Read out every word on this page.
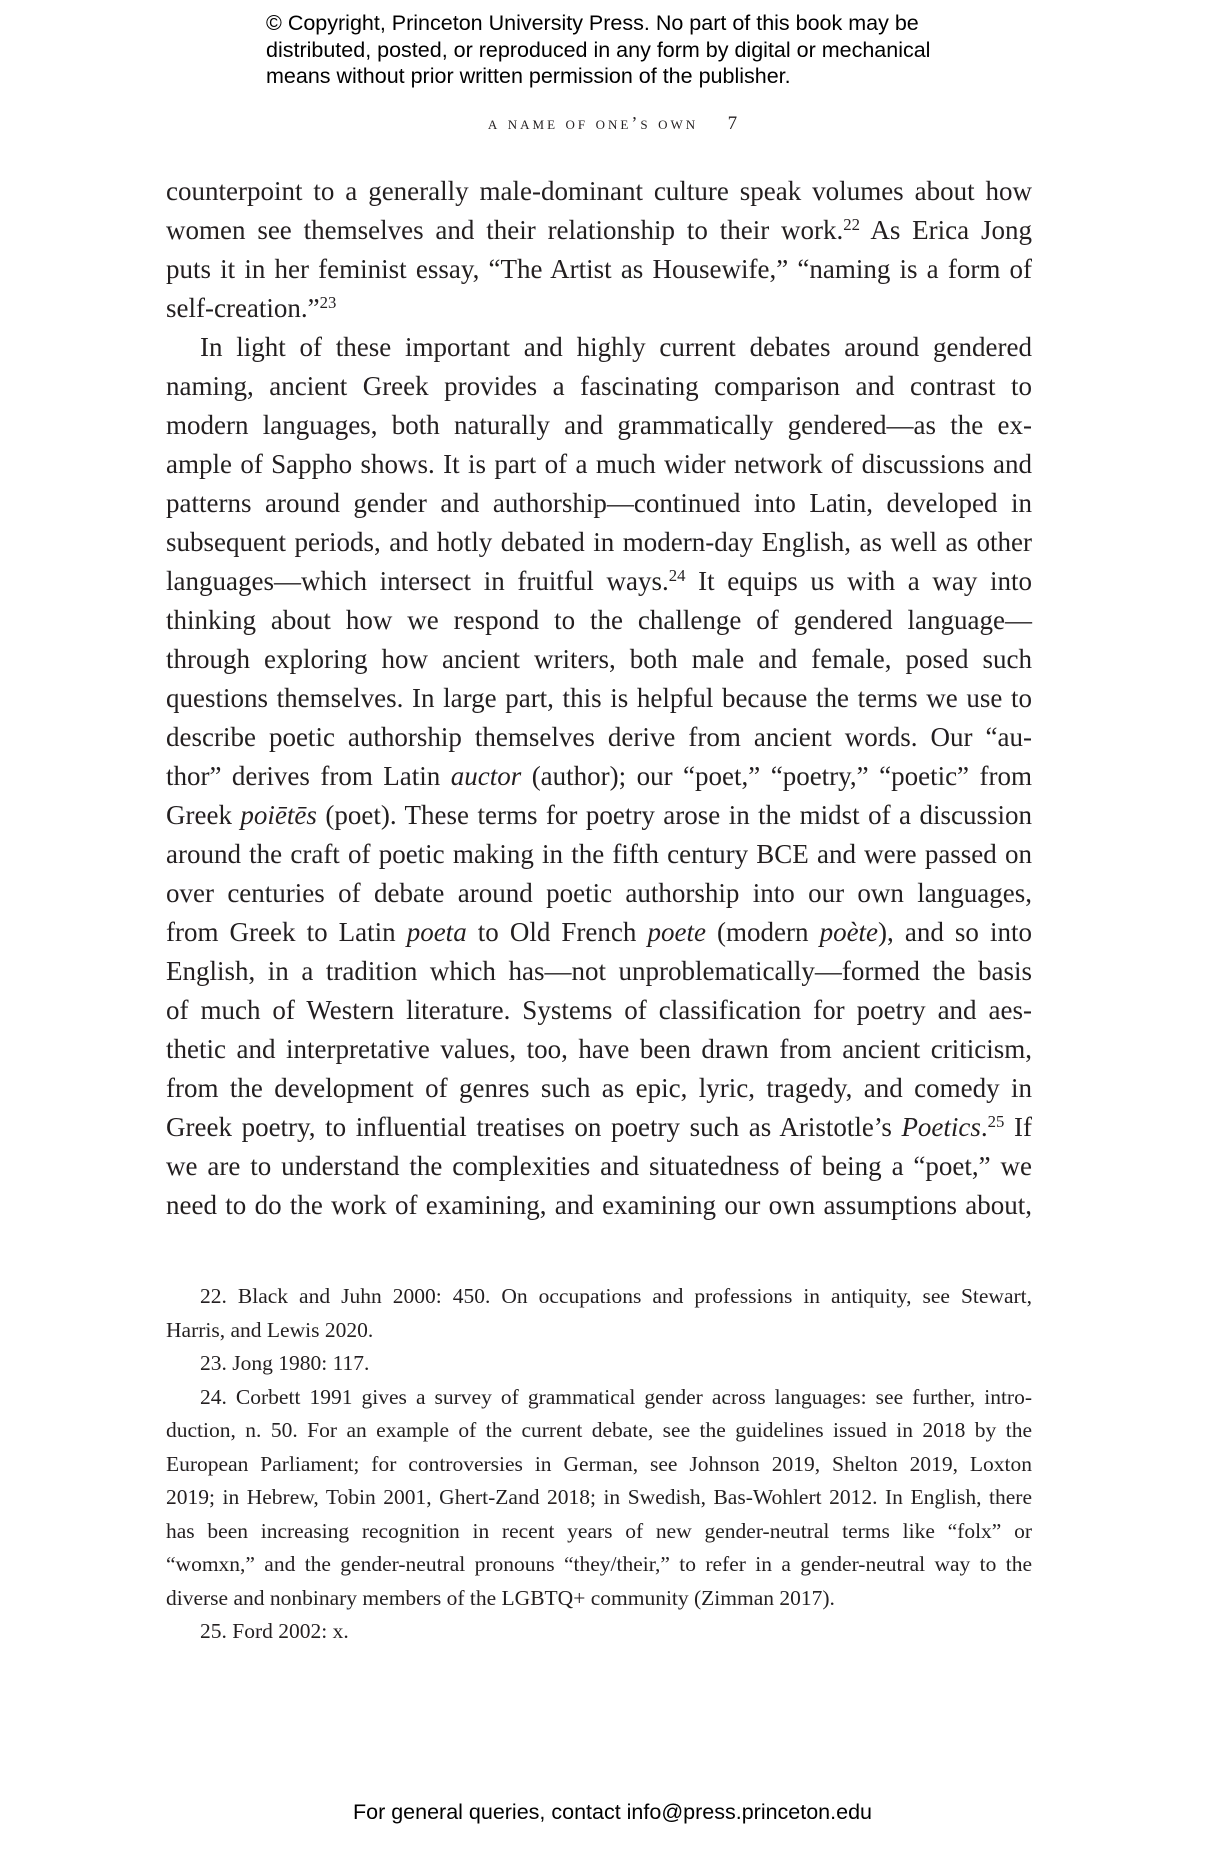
© Copyright, Princeton University Press. No part of this book may be
distributed, posted, or reproduced in any form by digital or mechanical
means without prior written permission of the publisher.
a name of one’s own 7
counterpoint to a generally male-dominant culture speak volumes about how
women see themselves and their relationship to their work.$^{22}$ As Erica Jong
puts it in her feminist essay, “The Artist as Housewife,” “naming is a form of
self-creation.”$^{23}$
In light of these important and highly current debates around gendered
naming, ancient Greek provides a fascinating comparison and contrast to
modern languages, both naturally and grammatically gendered—as the ex-
ample of Sappho shows. It is part of a much wider network of discussions and
patterns around gender and authorship—continued into Latin, developed in
subsequent periods, and hotly debated in modern-day English, as well as other
languages—which intersect in fruitful ways.$^{24}$ It equips us with a way into
thinking about how we respond to the challenge of gendered language—
through exploring how ancient writers, both male and female, posed such
questions themselves. In large part, this is helpful because the terms we use to
describe poetic authorship themselves derive from ancient words. Our “au-
thor” derives from Latin auctor (author); our “poet,” “poetry,” “poetic” from
Greek poiētēs (poet). These terms for poetry arose in the midst of a discussion
around the craft of poetic making in the fifth century BCE and were passed on
over centuries of debate around poetic authorship into our own languages,
from Greek to Latin poeta to Old French poete (modern poète), and so into
English, in a tradition which has—not unproblematically—formed the basis
of much of Western literature. Systems of classification for poetry and aes-
thetic and interpretative values, too, have been drawn from ancient criticism,
from the development of genres such as epic, lyric, tragedy, and comedy in
Greek poetry, to influential treatises on poetry such as Aristotle’s Poetics.$^{25}$ If
we are to understand the complexities and situatedness of being a “poet,” we
need to do the work of examining, and examining our own assumptions about,
22. Black and Juhn 2000: 450. On occupations and professions in antiquity, see Stewart,
Harris, and Lewis 2020.
23. Jong 1980: 117.
24. Corbett 1991 gives a survey of grammatical gender across languages: see further, intro-
duction, n. 50. For an example of the current debate, see the guidelines issued in 2018 by the
European Parliament; for controversies in German, see Johnson 2019, Shelton 2019, Loxton
2019; in Hebrew, Tobin 2001, Ghert-Zand 2018; in Swedish, Bas-Wohlert 2012. In English, there
has been increasing recognition in recent years of new gender-neutral terms like “folx” or
“womxn,” and the gender-neutral pronouns “they/their,” to refer in a gender-neutral way to the
diverse and nonbinary members of the LGBTQ+ community (Zimman 2017).
25. Ford 2002: x.
For general queries, contact info@press.princeton.edu
